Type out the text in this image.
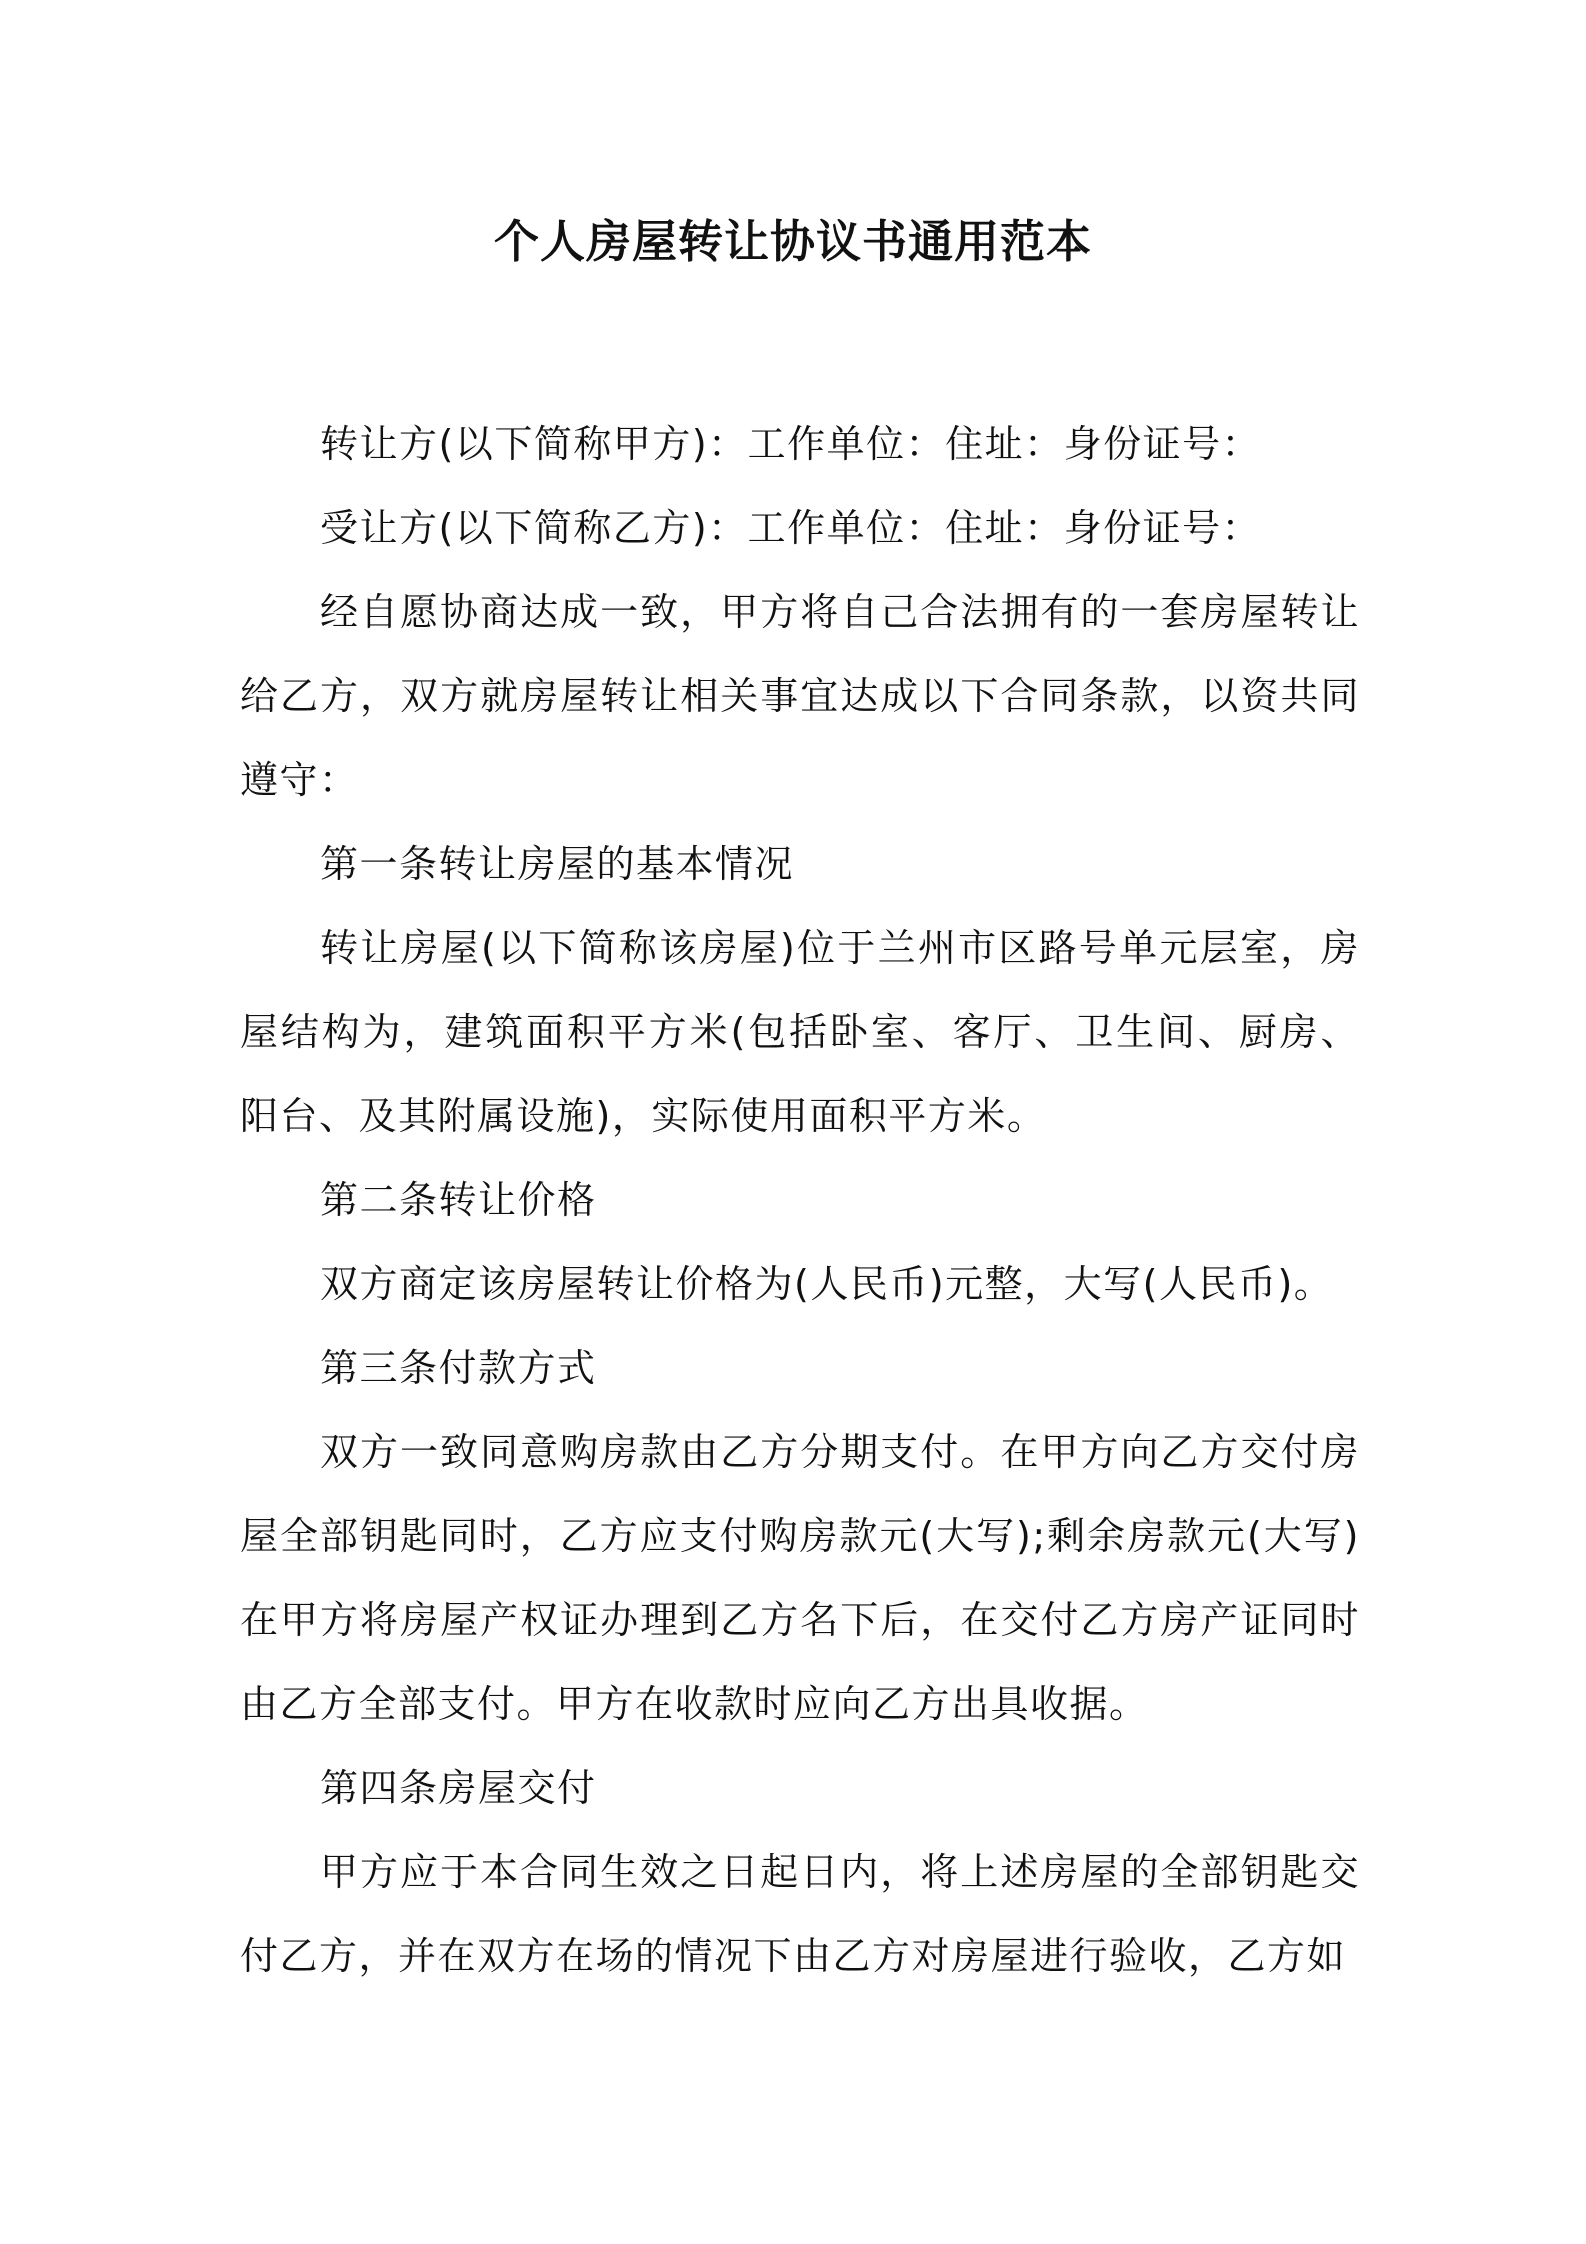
个人房屋转让协议书通用范本

转让方(以下简称甲方)：工作单位：住址：身份证号：

受让方(以下简称乙方)：工作单位：住址：身份证号：

经自愿协商达成一致，甲方将自己合法拥有的一套房屋转让给乙方，双方就房屋转让相关事宜达成以下合同条款，以资共同遵守：

第一条转让房屋的基本情况

转让房屋(以下简称该房屋)位于兰州市区路号单元层室，房屋结构为，建筑面积平方米(包括卧室、客厅、卫生间、厨房、阳台、及其附属设施)，实际使用面积平方米。

第二条转让价格

双方商定该房屋转让价格为(人民币)元整，大写(人民币)。

第三条付款方式

双方一致同意购房款由乙方分期支付。在甲方向乙方交付房屋全部钥匙同时，乙方应支付购房款元(大写);剩余房款元(大写)在甲方将房屋产权证办理到乙方名下后，在交付乙方房产证同时由乙方全部支付。甲方在收款时应向乙方出具收据。

第四条房屋交付

甲方应于本合同生效之日起日内，将上述房屋的全部钥匙交付乙方，并在双方在场的情况下由乙方对房屋进行验收，乙方如
